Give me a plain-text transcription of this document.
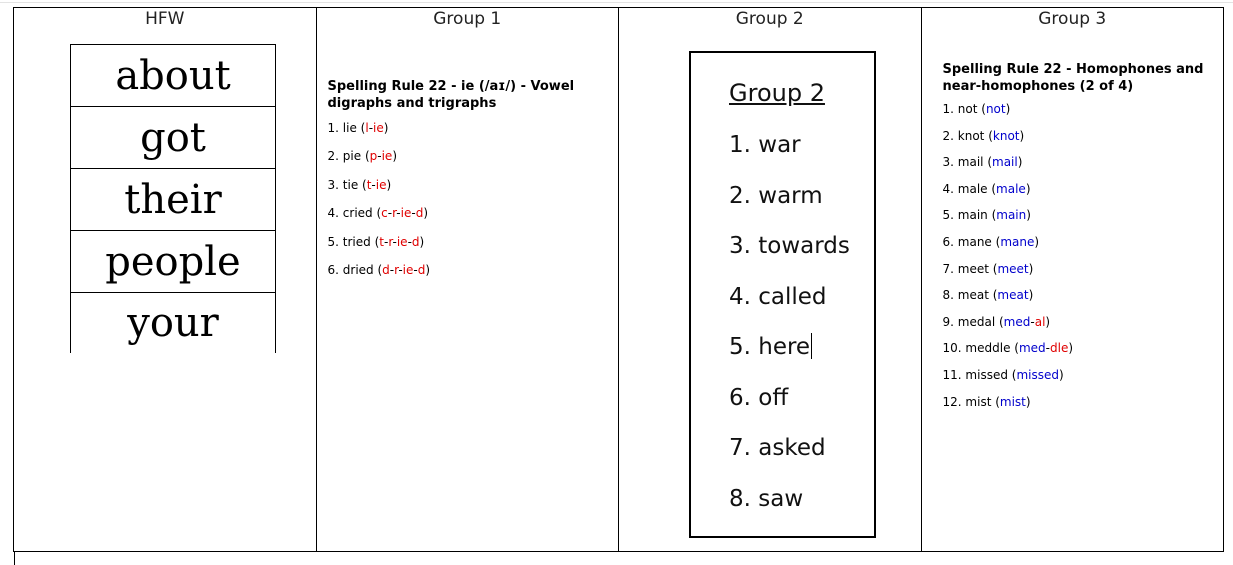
HFW
about
got
their
people
your
Group 1

Spelling Rule 22 - ie (/aɪ/) - Vowel digraphs and trigraphs

1. lie (l-ie)
2. pie (p-ie)
3. tie (t-ie)
4. cried (c-r-ie-d)
5. tried (t-r-ie-d)
6. dried (d-r-ie-d)
Group 2
Group 2
1. war
2. warm
3. towards
4. called
5. here
6. off
7. asked
8. saw
Group 3

Spelling Rule 22 - Homophones and near-homophones (2 of 4)

1. not (not)
2. knot (knot)
3. mail (mail)
4. male (male)
5. main (main)
6. mane (mane)
7. meet (meet)
8. meat (meat)
9. medal (med-al)
10. meddle (med-dle)
11. missed (missed)
12. mist (mist)
